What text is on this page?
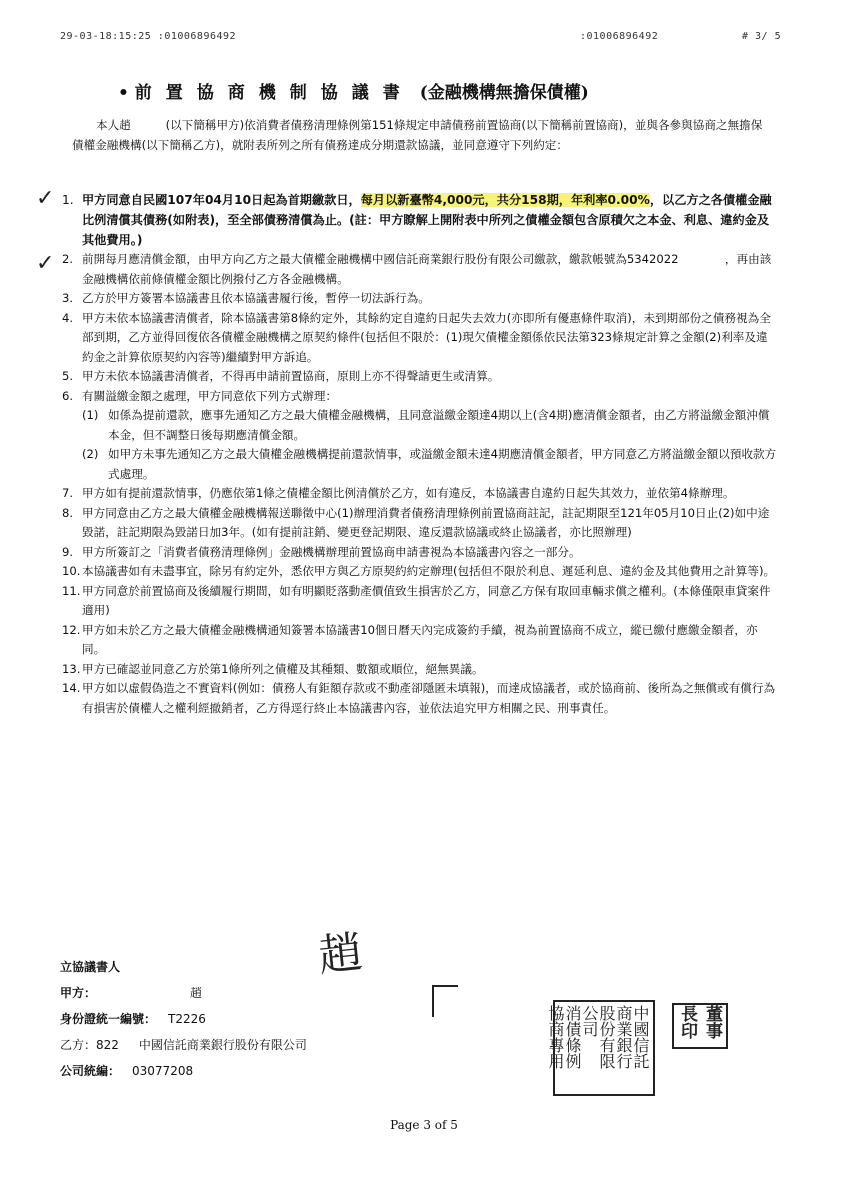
29-03-18:15:25 :01006896492	:01006896492	# 3/ 5
• 前置協商機制協議書 (金融機構無擔保債權)

本人趙　　　(以下簡稱甲方)依消費者債務清理條例第151條規定申請債務前置協商(以下簡稱前置協商)，並與各參與協商之無擔保債權金融機構(以下簡稱乙方)，就附表所列之所有債務達成分期還款協議，並同意遵守下列約定：

✓
✓
1. 甲方同意自民國107年04月10日起為首期繳款日，每月以新臺幣4,000元，共分158期，年利率0.00%，以乙方之各債權金融比例清償其債務(如附表)，至全部債務清償為止。(註：甲方瞭解上開附表中所列之債權金額包含原積欠之本金、利息、違約金及其他費用。)
2. 前開每月應清償金額，由甲方向乙方之最大債權金融機構中國信託商業銀行股份有限公司繳款，繳款帳號為5342022　　　　，再由該金融機構依前條債權金額比例撥付乙方各金融機構。
3. 乙方於甲方簽署本協議書且依本協議書履行後，暫停一切法訴行為。
4. 甲方未依本協議書清償者，除本協議書第8條約定外，其餘約定自違約日起失去效力(亦即所有優惠條件取消)，未到期部份之債務視為全部到期，乙方並得回復依各債權金融機構之原契約條件(包括但不限於：(1)現欠債權金額係依民法第323條規定計算之金額(2)利率及違約金之計算依原契約內容等)繼續對甲方訴追。
5. 甲方未依本協議書清償者，不得再申請前置協商，原則上亦不得聲請更生或清算。
6. 有關溢繳金額之處理，甲方同意依下列方式辦理：
(1) 如係為提前還款，應事先通知乙方之最大債權金融機構，且同意溢繳金額達4期以上(含4期)應清償金額者，由乙方將溢繳金額沖償本金，但不調整日後每期應清償金額。
(2) 如甲方未事先通知乙方之最大債權金融機構提前還款情事，或溢繳金額未達4期應清償金額者，甲方同意乙方將溢繳金額以預收款方式處理。
7. 甲方如有提前還款情事，仍應依第1條之債權金額比例清償於乙方，如有違反，本協議書自違約日起失其效力，並依第4條辦理。
8. 甲方同意由乙方之最大債權金融機構報送聯徵中心(1)辦理消費者債務清理條例前置協商註記，註記期限至121年05月10日止(2)如中途毀諾，註記期限為毀諾日加3年。(如有提前註銷、變更登記期限、違反還款協議或終止協議者，亦比照辦理)
9. 甲方所簽訂之「消費者債務清理條例」金融機構辦理前置協商申請書視為本協議書內容之一部分。
10. 本協議書如有未盡事宜，除另有約定外，悉依甲方與乙方原契約約定辦理(包括但不限於利息、遲延利息、違約金及其他費用之計算等)。
11. 甲方同意於前置協商及後續履行期間，如有明顯貶落動產價值致生損害於乙方，同意乙方保有取回車輛求償之權利。(本條僅限車貸案件適用)
12. 甲方如未於乙方之最大債權金融機構通知簽署本協議書10個日曆天內完成簽約手續，視為前置協商不成立，縱已繳付應繳金額者，亦同。
13. 甲方已確認並同意乙方於第1條所列之債權及其種類、數額或順位，絕無異議。
14. 甲方如以虛假偽造之不實資料(例如：債務人有鉅額存款或不動產卻隱匿未填報)，而達成協議者，或於協商前、後所為之無償或有償行為有損害於債權人之權利經撤銷者，乙方得逕行終止本協議書內容，並依法追究甲方相關之民、刑事責任。
趙
立協議書人
甲方：	趙
身份證統一編號： T2226
乙方：822 中國信託商業銀行股份有限公司
公司統編： 03077208
中國信託
商業銀行
股份有限
公司
消債條例
協商專用	董事長印
Page 3 of 5
